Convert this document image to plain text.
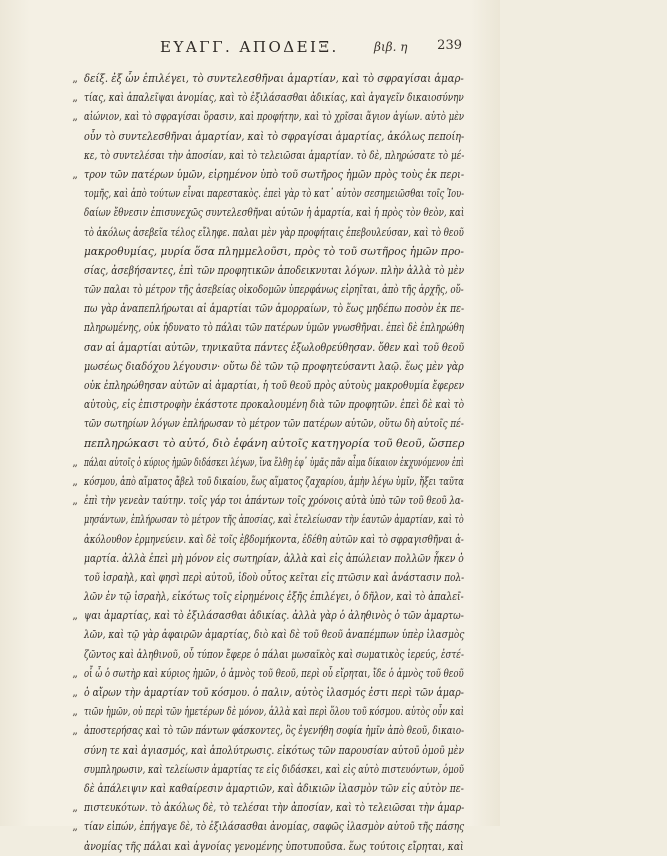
ΕΥΑΓΓ. ΑΠΟΔΕΙΞ.	βιβ. η 239
„ δείξ. ἐξ ὧν ἐπιλέγει, τὸ συντελεσθῆναι ἁμαρτίαν, καὶ τὸ σφραγίσαι ἁμαρ-
„ τίας, καὶ ἀπαλεῖψαι ἀνομίας, καὶ τὸ ἐξιλάσασθαι ἀδικίας, καὶ ἀγαγεῖν δικαιοσύνην
„ αἰώνιον, καὶ τὸ σφραγίσαι ὅρασιν, καὶ προφήτην, καὶ τὸ χρῖσαι ἅγιον ἁγίων. αὐτὸ μὲν
οὖν τὸ συντελεσθῆναι ἁμαρτίαν, καὶ τὸ σφραγίσαι ἁμαρτίας, ἀκόλως πεποίη-
κε, τὸ συντελέσαι τὴν ἀποσίαν, καὶ τὸ τελειῶσαι ἁμαρτίαν. τὸ δὲ, πληρώσατε τὸ μέ-
„ τρον τῶν πατέρων ὑμῶν, εἰρημένον ὑπὸ τοῦ σωτῆρος ἡμῶν πρὸς τοὺς ἐκ περι-
τομῆς, καὶ ἀπὸ τούτων εἶναι παρεστακὸς. ἐπεὶ γὰρ τὸ κατ᾽ αὐτὸν σεσημειῶσθαι τοῖς Ἰου-
δαίων ἔθνεσιν ἐπισυνεχῶς συντελεσθῆναι αὐτῶν ἡ ἁμαρτία, καὶ ἡ πρὸς τὸν θεὸν, καὶ
τὸ ἀκόλως ἀσεβεῖα τέλος εἴληφε. παλαι μὲν γὰρ προφήταις ἐπεβουλεύσαν, καὶ τὸ θεοῦ
μακροθυμίας, μυρία ὅσα πλημμελοῦσι, πρὸς τὸ τοῦ σωτῆρος ἡμῶν προ-
σίας, ἀσεβήσαντες, ἐπὶ τῶν προφητικῶν ἀποδεικνυται λόγων. πλὴν ἀλλὰ τὸ μὲν
τῶν παλαι τὸ μέτρον τῆς ἀσεβείας οἰκοδομῶν ὑπερφάνως εἰρηῖται, ἀπὸ τῆς ἀρχῆς, οὔ-
πω γὰρ ἀναπεπλήρωται αἱ ἁμαρτίαι τῶν ἀμορραίων, τὸ ἕως μηδέπω ποσὸν ἐκ πε-
πληρωμένης, οὐκ ἠδυνατο τὸ πάλαι τῶν πατέρων ὑμῶν γνωσθῆναι. ἐπεὶ δὲ ἐπληρώθη
σαν αἱ ἁμαρτίαι αὐτῶν, τηνικαῦτα πάντες ἐξωλοθρεύθησαν. ὅθεν καὶ τοῦ θεοῦ
μωσέως διαδόχου λέγουσιν· οὕτω δὲ τῶν τῷ προφητεύσαντι λαῷ. ἕως μὲν γὰρ
οὐκ ἐπληρώθησαν αὐτῶν αἱ ἁμαρτίαι, ἡ τοῦ θεοῦ πρὸς αὐτοὺς μακροθυμία ἔφερεν
αὐτοὺς, εἰς ἐπιστροφὴν ἑκάστοτε προκαλουμένη διὰ τῶν προφητῶν. ἐπεὶ δὲ καὶ τὸ
τῶν σωτηρίων λόγων ἐπλήρωσαν τὸ μέτρον τῶν πατέρων αὐτῶν, οὕτω δὴ αὐτοῖς πέ-
πεπληρώκασι τὸ αὐτό, διὸ ἐφάνη αὐτοῖς κατηγορία τοῦ θεοῦ, ὥσπερ
„ πάλαι αὐτοῖς ὁ κύριος ἡμῶν διδάσκει λέγων, ἵνα ἔλθῃ ἐφ᾽ ὑμᾶς πᾶν αἷμα δίκαιον ἐκχυνόμενον ἐπὶ
„ κόσμου, ἀπὸ αἵματος ἄβελ τοῦ δικαίου, ἕως αἵματος ζαχαρίου, ἀμὴν λέγω ὑμῖν, ἥξει ταῦτα
„ ἐπὶ τὴν γενεὰν ταύτην. τοῖς γάρ τοι ἁπάντων τοῖς χρόνοις αὐτὰ ὑπὸ τῶν τοῦ θεοῦ λα-
μησάντων, ἐπλήρωσαν τὸ μέτρον τῆς ἀποσίας, καὶ ἐτελείωσαν τὴν ἑαυτῶν ἁμαρτίαν, καὶ τὸ
ἀκόλουθον ἑρμηνεύειν. καὶ δὲ τοῖς ἑβδομήκοντα, ἐδέθη αὐτῶν καὶ τὸ σφραγισθῆναι ἁ-
μαρτία. ἀλλὰ ἐπεὶ μὴ μόνον εἰς σωτηρίαν, ἀλλὰ καὶ εἰς ἀπώλειαν πολλῶν ἧκεν ὁ
τοῦ ἰσραὴλ, καὶ φησὶ περὶ αὐτοῦ, ἰδοὺ οὗτος κεῖται εἰς πτῶσιν καὶ ἀνάστασιν πολ-
λῶν ἐν τῷ ἰσραὴλ, εἰκότως τοῖς εἰρημένοις ἐξῆς ἐπιλέγει, ὁ δῆλον, καὶ τὸ ἀπαλεῖ-
„ ψαι ἁμαρτίας, καὶ τὸ ἐξιλάσασθαι ἀδικίας. ἀλλὰ γὰρ ὁ ἀληθινὸς ὁ τῶν ἁμαρτω-
λῶν, καὶ τῷ γὰρ ἀφαιρῶν ἁμαρτίας, διὸ καὶ δὲ τοῦ θεοῦ ἀναπέμπων ὑπὲρ ἱλασμὸς
ζῶντος καὶ ἀληθινοῦ, οὗ τύπον ἔφερε ὁ πάλαι μωσαϊκὸς καὶ σωματικὸς ἱερεύς, ἐστέ-
„ οἷ ὦ ὁ σωτὴρ καὶ κύριος ἡμῶν, ὁ ἀμνὸς τοῦ θεοῦ, περὶ οὗ εἴρηται, ἴδε ὁ ἀμνὸς τοῦ θεοῦ
„ ὁ αἴρων τὴν ἁμαρτίαν τοῦ κόσμου. ὁ παλιν, αὐτὸς ἱλασμός ἐστι περὶ τῶν ἁμαρ-
„ τιῶν ἡμῶν, οὐ περὶ τῶν ἡμετέρων δὲ μόνον, ἀλλὰ καὶ περὶ ὅλου τοῦ κόσμου. αὐτὸς οὖν καὶ
„ ἀποστερήσας καὶ τὸ τῶν πάντων φάσκοντες, ὃς ἐγενήθη σοφία ἡμῖν ἀπὸ θεοῦ, δικαιο-
σύνη τε καὶ ἁγιασμός, καὶ ἀπολύτρωσις. εἰκότως τῶν παρουσίαν αὐτοῦ ὁμοῦ μὲν
συμπληρωσιν, καὶ τελείωσιν ἁμαρτίας τε εἰς διδάσκει, καὶ εἰς αὐτὸ πιστευόντων, ὁμοῦ
δὲ ἀπάλειψιν καὶ καθαίρεσιν ἁμαρτιῶν, καὶ ἀδικιῶν ἱλασμὸν τῶν εἰς αὐτὸν πε-
„ πιστευκότων. τὸ ἀκόλως δὲ, τὸ τελέσαι τὴν ἀποσίαν, καὶ τὸ τελειῶσαι τὴν ἁμαρ-
„ τίαν εἰπών, ἐπήγαγε δὲ, τὸ ἐξιλάσασθαι ἀνομίας, σαφῶς ἱλασμὸν αὐτοῦ τῆς πάσης
ἀνομίας τῆς πάλαι καὶ ἀγνοίας γενομένης ὑποτυποῦσα. ἕως τούτοις εἴρηται, καὶ
